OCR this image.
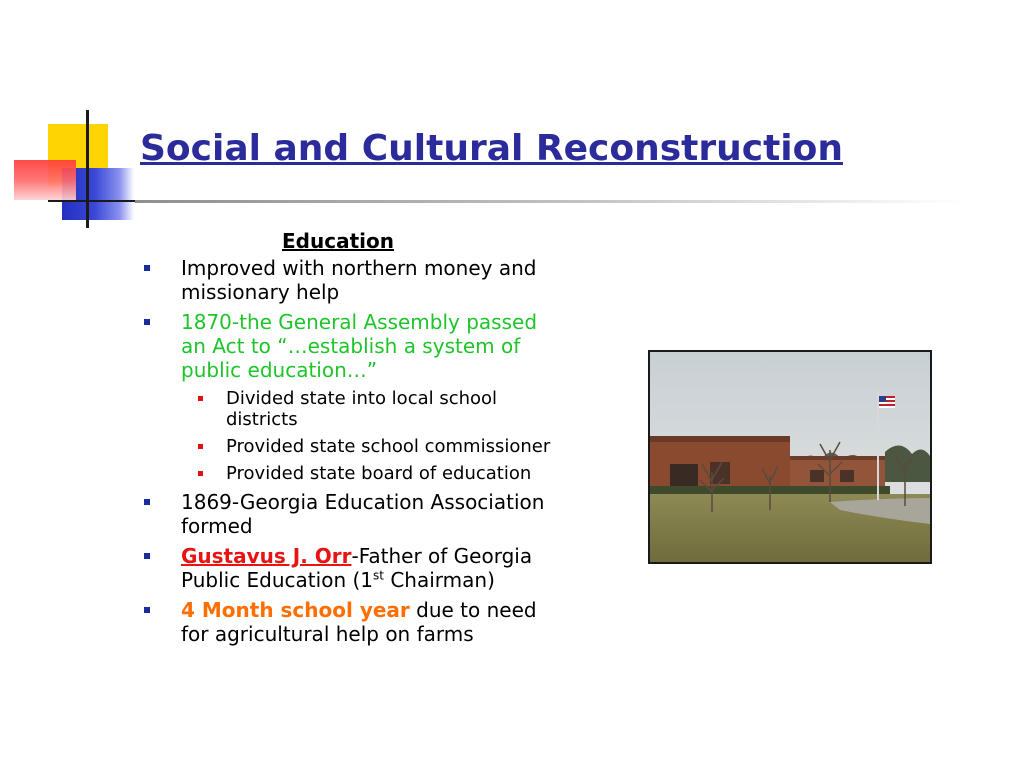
Social and Cultural Reconstruction
Education
Improved with northern money and missionary help
1870-the General Assembly passed an Act to “…establish a system of public education…”
Divided state into local school districts
Provided state school commissioner
Provided state board of education
1869-Georgia Education Association formed
Gustavus J. Orr-Father of Georgia Public Education (1st Chairman)
4 Month school year due to need for agricultural help on farms
